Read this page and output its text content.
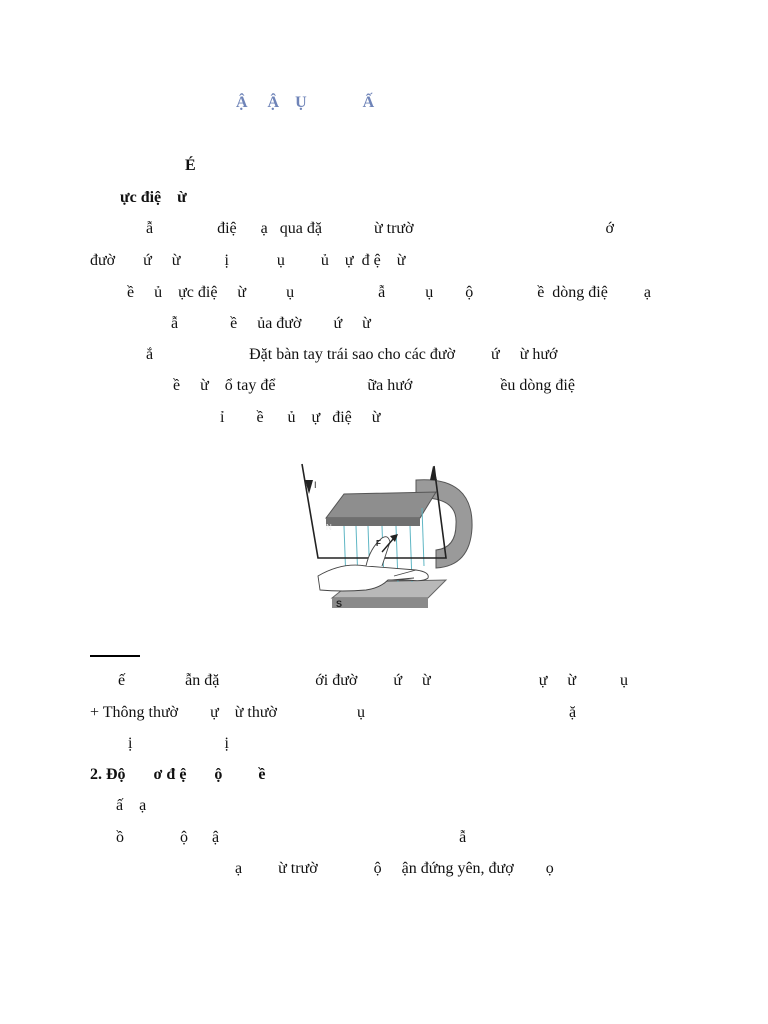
Ậ     Ậ    Ụ              Ấ
É
ực điệ    ừ
ẫ                điệ      ạ   qua đặ             ừ trườ                                                ớ
đườ       ứ     ừ           ị            ụ         ủ    ự  đ ệ    ừ
ề     ủ    ực điệ     ừ          ụ                     ẫ          ụ        ộ                ề  dòng điệ         ạ
ẫ             ề     ủa đườ        ứ     ừ
ắ                        Đặt bàn tay trái sao cho các đườ         ứ     ừ hướ
ề     ừ    ổ tay để                       ữa hướ                      ều dòng điệ
ỉ        ề      ủ    ự   điệ     ừ
I
N
S
F
ế               ẫn đặ                        ới đườ         ứ     ừ                           ự     ừ           ụ
+ Thông thườ        ự    ừ thườ                    ụ                                                   ặ
ị                       ị
2. Độ       ơ đ ệ       ộ         ề
ấ    ạ
ồ              ộ      ậ                                                            ẫ
ạ         ừ trườ              ộ     ận đứng yên, đượ        ọ
